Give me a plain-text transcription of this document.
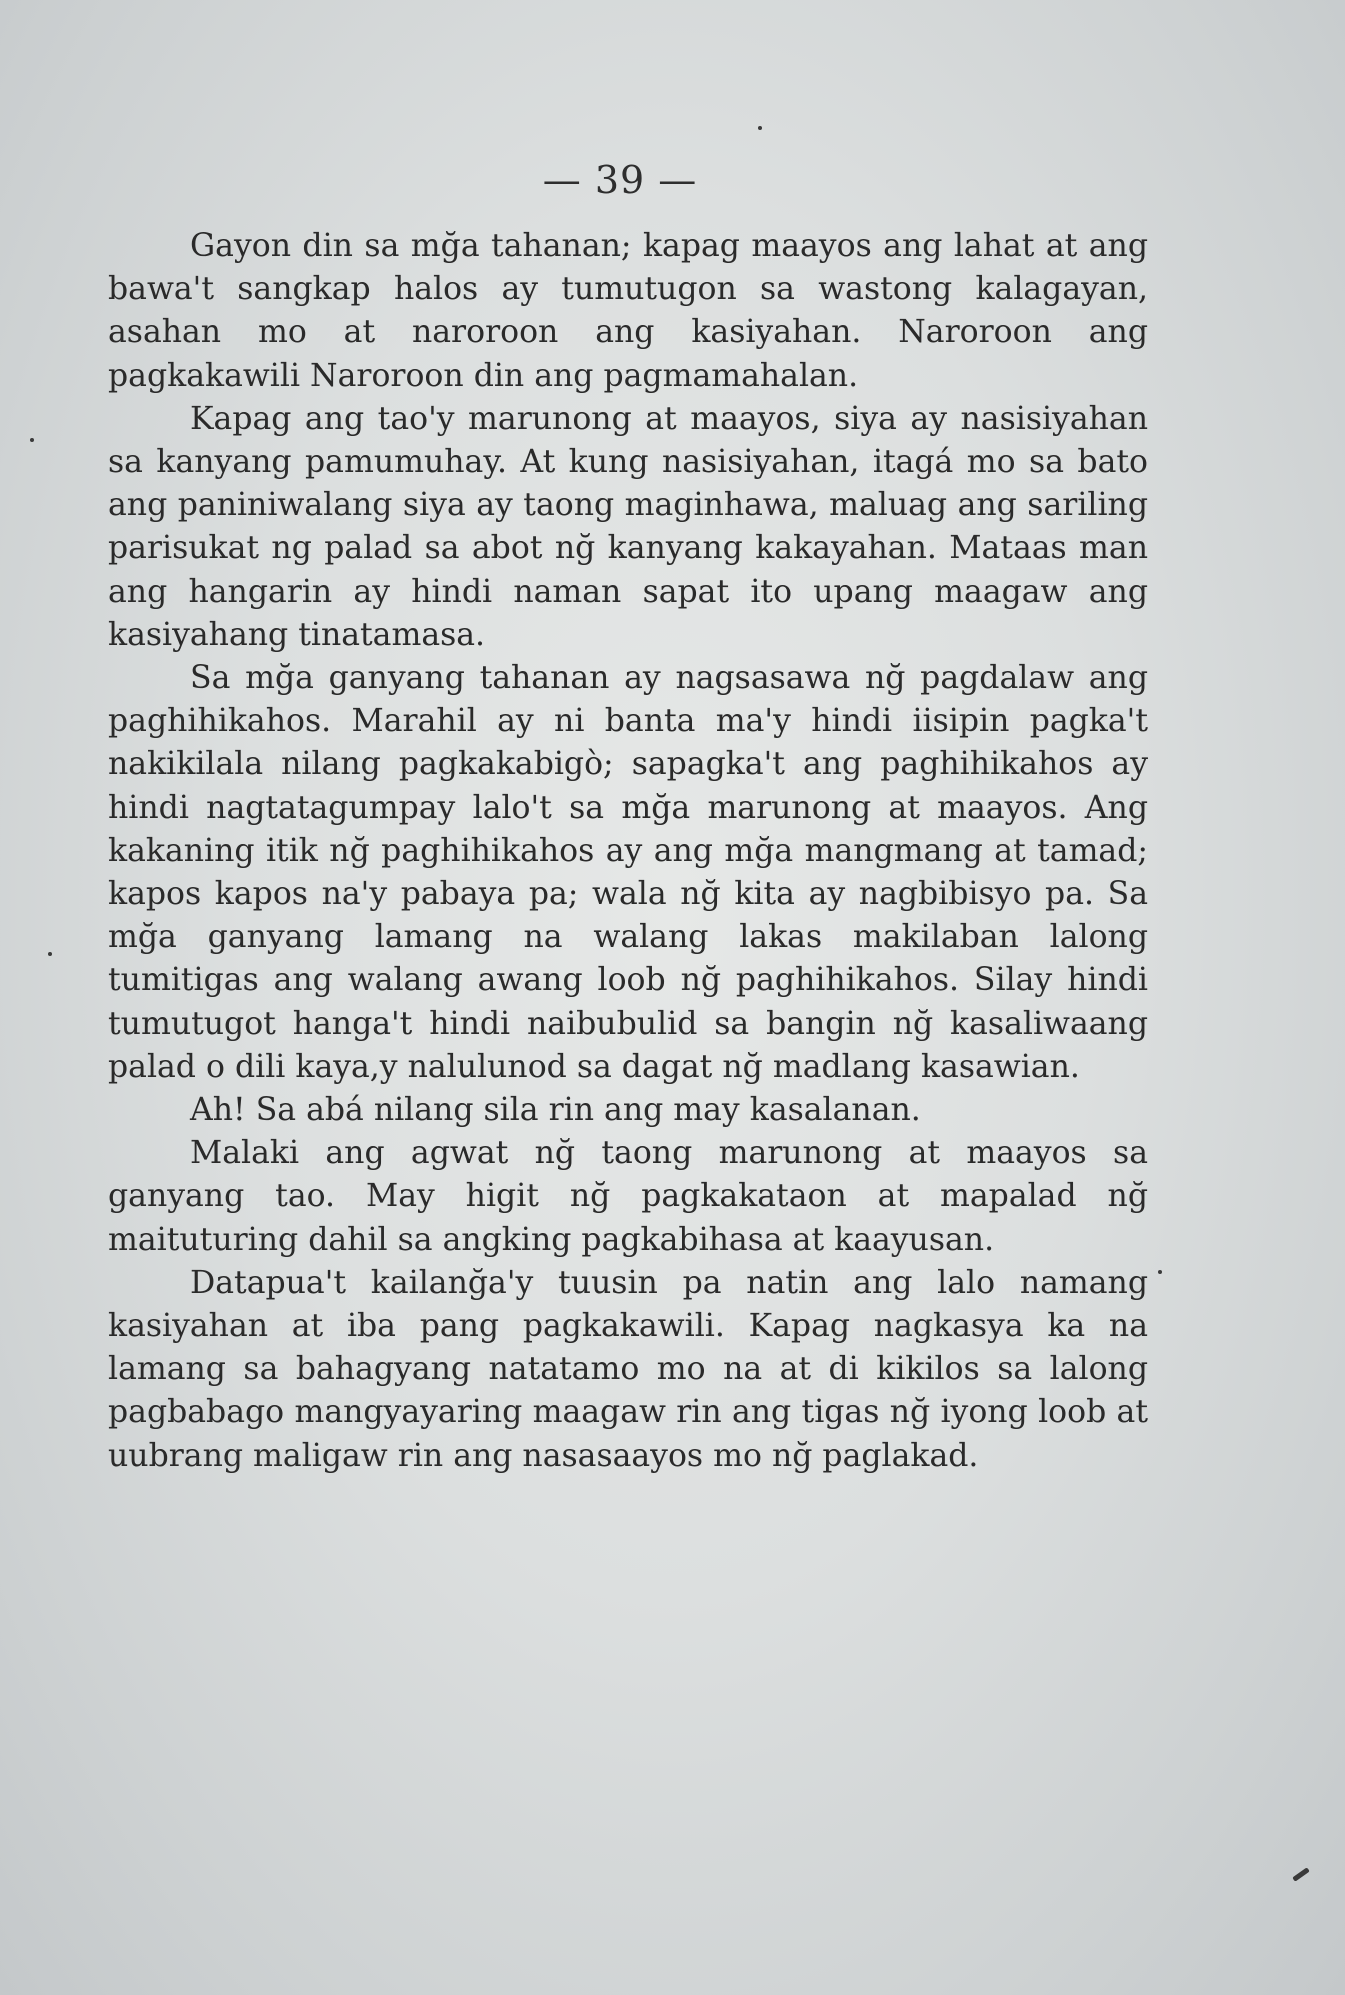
— 39 —

Gayon din sa mğa tahanan; kapag maayos ang lahat at ang bawa't sangkap halos ay tumutugon sa wastong kalagayan, asahan mo at naroroon ang kasiyahan. Naroroon ang pagkakawili Naroroon din ang pagmamahalan.

Kapag ang tao'y marunong at maayos, siya ay nasisiyahan sa kanyang pamumuhay. At kung nasisiyahan, itagá mo sa bato ang paniniwalang siya ay taong maginhawa, maluag ang sariling parisukat ng palad sa abot nğ kanyang kakayahan. Mataas man ang hangarin ay hindi naman sapat ito upang maagaw ang kasiyahang tinatamasa.

Sa mğa ganyang tahanan ay nagsasawa nğ pagdalaw ang paghihikahos. Marahil ay ni banta ma'y hindi iisipin pagka't nakikilala nilang pagkakabigò; sapagka't ang paghihikahos ay hindi nagtatagumpay lalo't sa mğa marunong at maayos. Ang kakaning itik nğ paghihikahos ay ang mğa mangmang at tamad; kapos kapos na'y pabaya pa; wala nğ kita ay nagbibisyo pa. Sa mğa ganyang lamang na walang lakas makilaban lalong tumitigas ang walang awang loob nğ paghihikahos. Silay hindi tumutugot hanga't hindi naibubulid sa bangin nğ kasaliwaang palad o dili kaya,y nalulunod sa dagat nğ madlang kasawian.

Ah! Sa abá nilang sila rin ang may kasalanan.

Malaki ang agwat nğ taong marunong at maayos sa ganyang tao. May higit nğ pagkakataon at mapalad nğ maituturing dahil sa angking pagkabihasa at kaayusan.

Datapua't kailanğa'y tuusin pa natin ang lalo namang kasiyahan at iba pang pagkakawili. Kapag nagkasya ka na lamang sa bahagyang natatamo mo na at di kikilos sa lalong pagbabago mangyayaring maagaw rin ang tigas nğ iyong loob at uubrang maligaw rin ang nasasaayos mo nğ paglakad.
